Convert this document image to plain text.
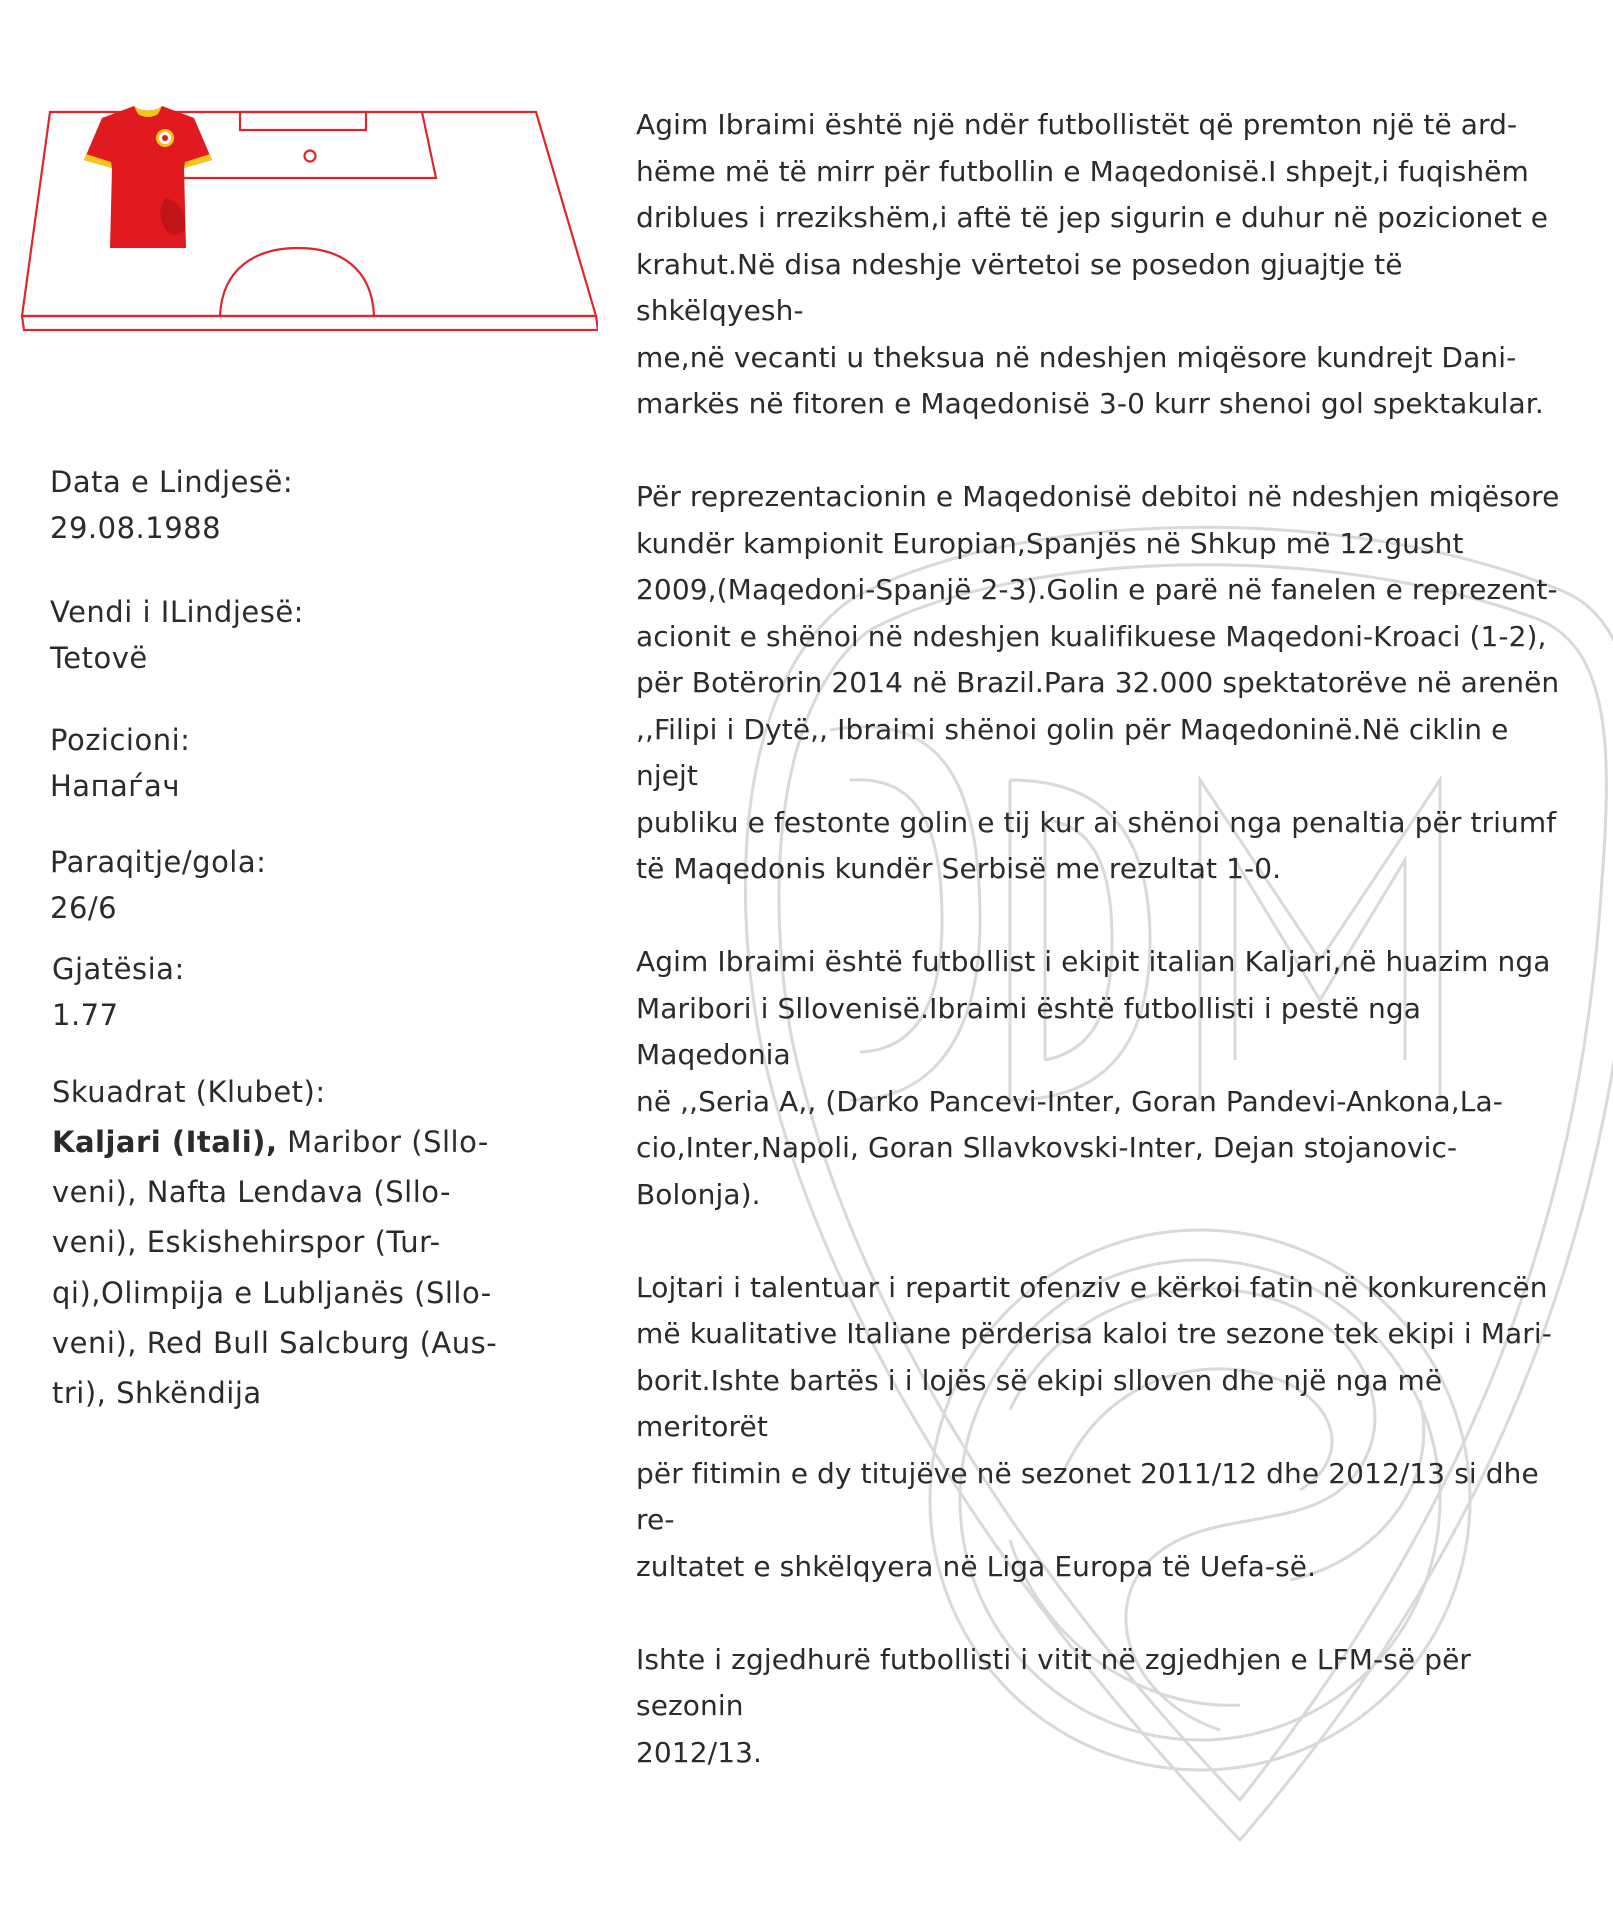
Data e Lindjesë:

29.08.1988

Vendi i ILindjesë:

Tetovë

Pozicioni:

Напаѓач

Paraqitje/gola:

26/6

Gjatësia:

1.77

Skuadrat (Klubet):

Kaljari (Itali), Maribor (Sllo-
veni), Nafta Lendava (Sllo-
veni), Eskishehirspor (Tur-
qi),Olimpija e Lubljanës (Sllo-
veni), Red Bull Salcburg (Aus-
tri), Shkëndija

Agim Ibraimi është një ndër futbollistët që premton një të ard-
hëme më të mirr për futbollin e Maqedonisë.I shpejt,i fuqishëm
driblues i rrezikshëm,i aftë të jep sigurin e duhur në pozicionet e
krahut.Në disa ndeshje vërtetoi se posedon gjuajtje të shkëlqyesh-
me,në vecanti u theksua në ndeshjen miqësore kundrejt Dani-
markës në fitoren e Maqedonisë 3-0 kurr shenoi gol spektakular.

Për reprezentacionin e Maqedonisë debitoi në ndeshjen miqësore
kundër kampionit Europian,Spanjës në Shkup më 12.gusht
2009,(Maqedoni-Spanjë 2-3).Golin e parë në fanelen e reprezent-
acionit e shënoi në ndeshjen kualifikuese Maqedoni-Kroaci (1-2),
për Botërorin 2014 në Brazil.Para 32.000 spektatorëve në arenën
,,Filipi i Dytë,, Ibraimi shënoi golin për Maqedoninë.Në ciklin e njejt
publiku e festonte golin e tij kur ai shënoi nga penaltia për triumf
të Maqedonis kundër Serbisë me rezultat 1-0.

Agim Ibraimi është futbollist i ekipit italian Kaljari,në huazim nga
Maribori i Sllovenisë.Ibraimi është futbollisti i pestë nga Maqedonia
në ,,Seria A,, (Darko Pancevi-Inter, Goran Pandevi-Ankona,La-
cio,Inter,Napoli, Goran Sllavkovski-Inter, Dejan stojanovic-Bolonja).

Lojtari i talentuar i repartit ofenziv e kërkoi fatin në konkurencën
më kualitative Italiane përderisa kaloi tre sezone tek ekipi i Mari-
borit.Ishte bartës i i lojës së ekipi slloven dhe një nga më meritorët
për fitimin e dy titujëve në sezonet 2011/12 dhe 2012/13 si dhe re-
zultatet e shkëlqyera në Liga Europa të Uefa-së.

Ishte i zgjedhurë futbollisti i vitit në zgjedhjen e LFM-së për sezonin
2012/13.
